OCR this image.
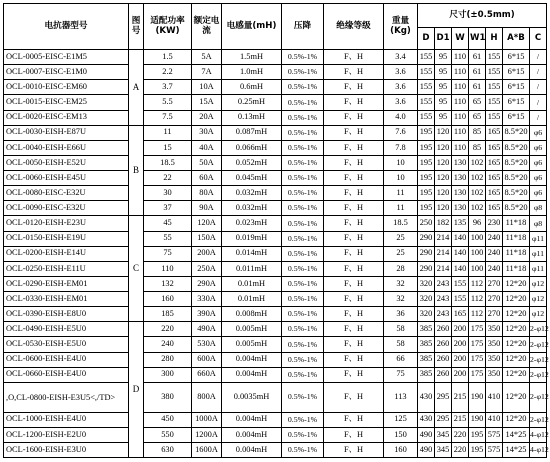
电抗器型号	图号	适配功率(KW)	额定电流	电感量(mH)	压降	绝缘等级	重量(Kg)	尺寸(±0.5mm)						
								D	D1	W	W1	H	A*B	C
OCL-0005-EISC-E1M5	A	1.5	5A	1.5mH	0.5%-1%	F、H	3.4	155	95	110	61	155	6*15	/
OCL-0007-EISC-E1M0		2.2	7A	1.0mH	0.5%-1%	F、H	3.6	155	95	110	61	155	6*15	/
OCL-0010-EISC-EM60		3.7	10A	0.6mH	0.5%-1%	F、H	3.6	155	95	110	61	155	6*15	/
OCL-0015-EISC-EM25		5.5	15A	0.25mH	0.5%-1%	F、H	3.6	155	95	110	65	155	6*15	/
OCL-0020-EISC-EM13		7.5	20A	0.13mH	0.5%-1%	F、H	4.0	155	95	110	65	155	6*15	/
OCL-0030-EISH-E87U	B	11	30A	0.087mH	0.5%-1%	F、H	7.6	195	120	110	85	165	8.5*20	φ6
OCL-0040-EISH-E66U		15	40A	0.066mH	0.5%-1%	F、H	7.8	195	120	110	85	165	8.5*20	φ6
OCL-0050-EISH-E52U		18.5	50A	0.052mH	0.5%-1%	F、H	10	195	120	130	102	165	8.5*20	φ6
OCL-0060-EISH-E45U		22	60A	0.045mH	0.5%-1%	F、H	10	195	120	130	102	165	8.5*20	φ6
OCL-0080-EISC-E32U		30	80A	0.032mH	0.5%-1%	F、H	11	195	120	130	102	165	8.5*20	φ6
OCL-0090-EISC-E32U		37	90A	0.032mH	0.5%-1%	F、H	11	195	120	130	102	165	8.5*20	φ8
OCL-0120-EISH-E23U	C	45	120A	0.023mH	0.5%-1%	F、H	18.5	250	182	135	96	230	11*18	φ8
OCL-0150-EISH-E19U		55	150A	0.019mH	0.5%-1%	F、H	25	290	214	140	100	240	11*18	φ11
OCL-0200-EISH-E14U		75	200A	0.014mH	0.5%-1%	F、H	25	290	214	140	100	240	11*18	φ11
OCL-0250-EISH-E11U		110	250A	0.011mH	0.5%-1%	F、H	28	290	214	140	100	240	11*18	φ11
OCL-0290-EISH-EM01		132	290A	0.01mH	0.5%-1%	F、H	32	320	243	155	112	270	12*20	φ12
OCL-0330-EISH-EM01		160	330A	0.01mH	0.5%-1%	F、H	32	320	243	155	112	270	12*20	φ12
OCL-0390-EISH-E8U0		185	390A	0.008mH	0.5%-1%	F、H	36	320	243	165	112	270	12*20	φ12
OCL-0490-EISH-E5U0	D	220	490A	0.005mH	0.5%-1%	F、H	58	385	260	200	175	350	12*20	2-φ12
OCL-0530-EISH-E5U0		240	530A	0.005mH	0.5%-1%	F、H	58	385	260	200	175	350	12*20	2-φ12
OCL-0600-EISH-E4U0		280	600A	0.004mH	0.5%-1%	F、H	66	385	260	200	175	350	12*20	2-φ12
OCL-0660-EISH-E4U0		300	660A	0.004mH	0.5%-1%	F、H	75	385	260	200	175	350	12*20	2-φ12
,O,CL-0800-EISH-E3U5<,/TD>		380	800A	0.0035mH	0.5%-1%	F、H	113	430	295	215	190	410	12*20	2-φ12
OCL-1000-EISH-E4U0		450	1000A	0.004mH	0.5%-1%	F、H	125	430	295	215	190	410	12*20	2-φ12
OCL-1200-EISH-E2U0		550	1200A	0.004mH	0.5%-1%	F、H	150	490	345	220	195	575	14*25	4-φ12
OCL-1600-EISH-E3U0		630	1600A	0.004mH	0.5%-1%	F、H	160	490	345	220	195	575	14*25	4-φ12
